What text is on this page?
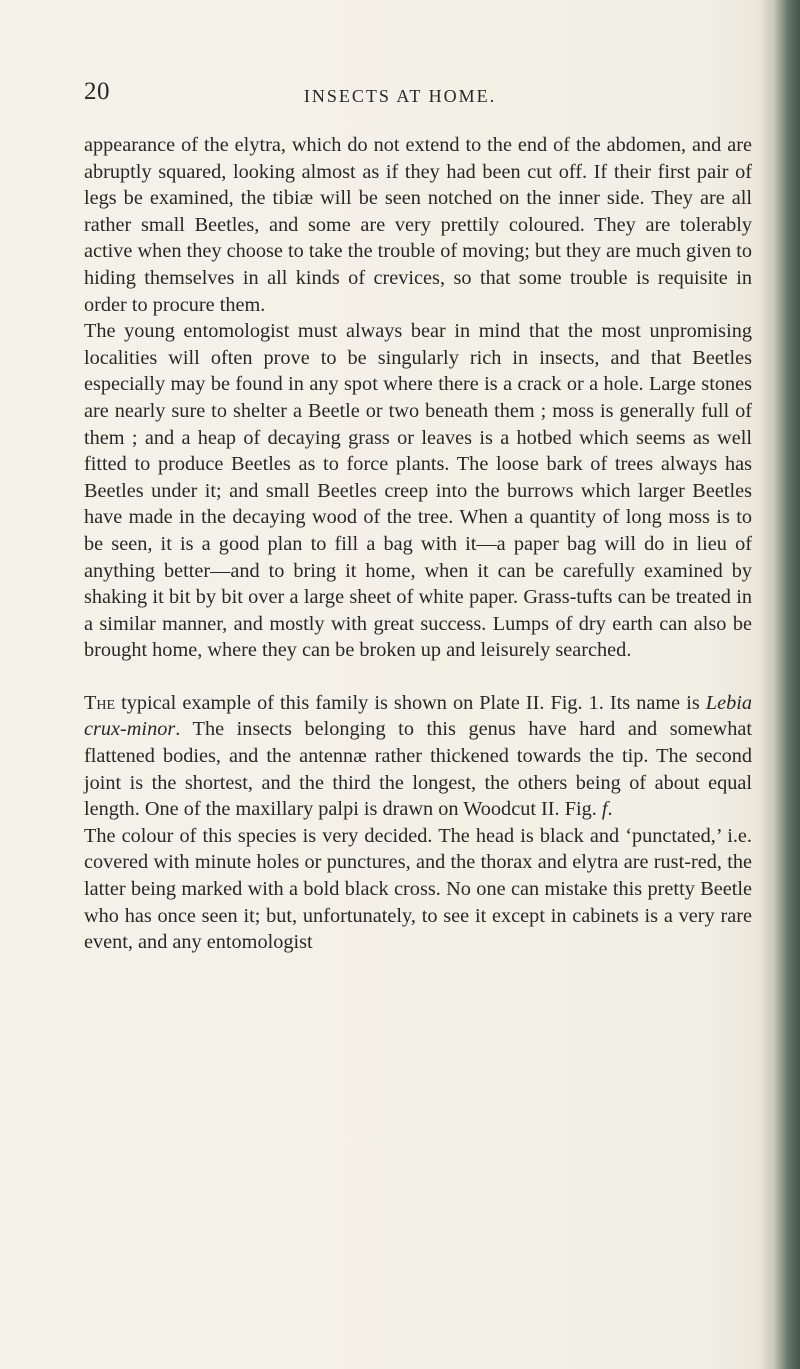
20	INSECTS AT HOME.

appearance of the elytra, which do not extend to the end of the abdomen, and are abruptly squared, looking almost as if they had been cut off. If their first pair of legs be examined, the tibiæ will be seen notched on the inner side. They are all rather small Beetles, and some are very prettily coloured. They are tolerably active when they choose to take the trouble of moving; but they are much given to hiding themselves in all kinds of crevices, so that some trouble is requisite in order to procure them.

The young entomologist must always bear in mind that the most unpromising localities will often prove to be singularly rich in insects, and that Beetles especially may be found in any spot where there is a crack or a hole. Large stones are nearly sure to shelter a Beetle or two beneath them ; moss is generally full of them ; and a heap of decaying grass or leaves is a hotbed which seems as well fitted to produce Beetles as to force plants. The loose bark of trees always has Beetles under it; and small Beetles creep into the burrows which larger Beetles have made in the decaying wood of the tree. When a quantity of long moss is to be seen, it is a good plan to fill a bag with it—a paper bag will do in lieu of anything better—and to bring it home, when it can be carefully examined by shaking it bit by bit over a large sheet of white paper. Grass-tufts can be treated in a similar manner, and mostly with great success. Lumps of dry earth can also be brought home, where they can be broken up and leisurely searched.

The typical example of this family is shown on Plate II. Fig. 1. Its name is Lebia crux-minor. The insects belonging to this genus have hard and somewhat flattened bodies, and the antennæ rather thickened towards the tip. The second joint is the shortest, and the third the longest, the others being of about equal length. One of the maxillary palpi is drawn on Woodcut II. Fig. f.

The colour of this species is very decided. The head is black and ‘punctated,’ i.e. covered with minute holes or punctures, and the thorax and elytra are rust-red, the latter being marked with a bold black cross. No one can mistake this pretty Beetle who has once seen it; but, unfortunately, to see it except in cabinets is a very rare event, and any entomologist
